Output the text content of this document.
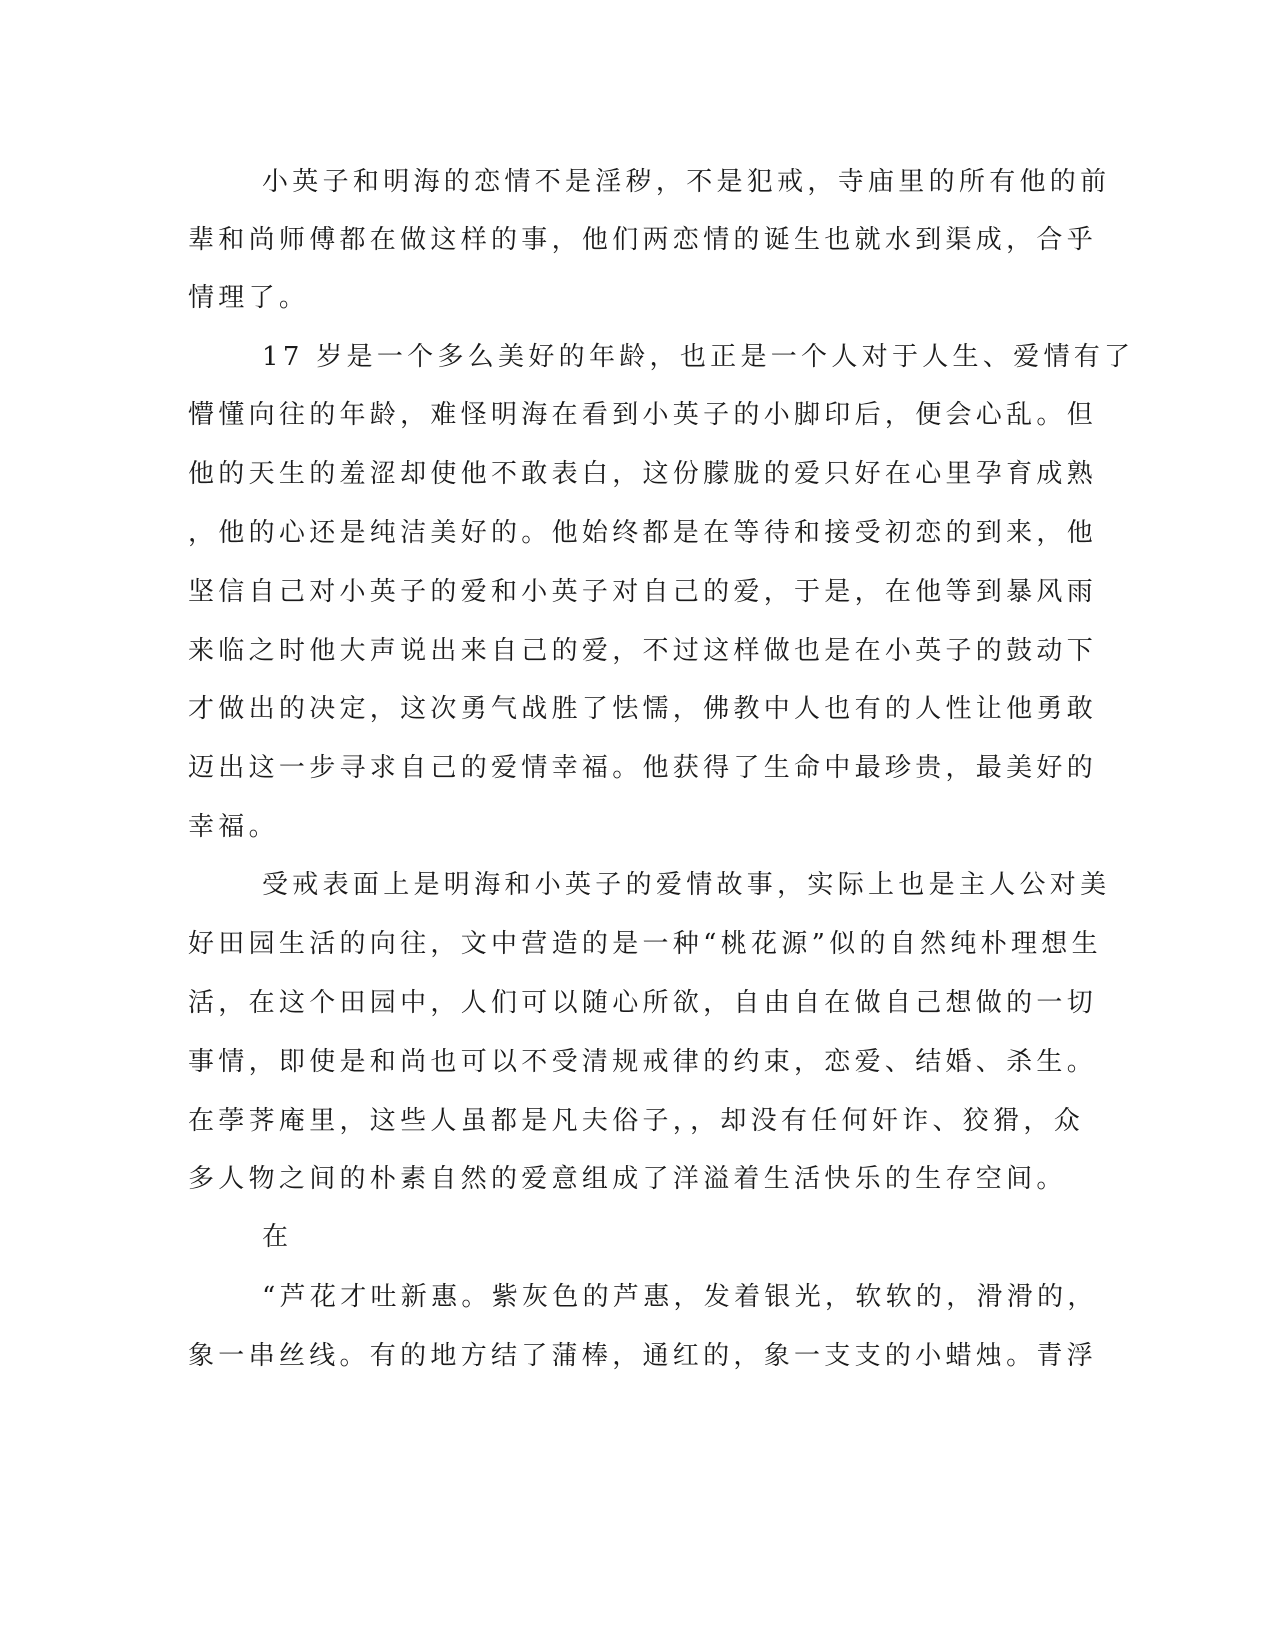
小英子和明海的恋情不是淫秽，不是犯戒，寺庙里的所有他的前
辈和尚师傅都在做这样的事，他们两恋情的诞生也就水到渠成，合乎
情理了。
17 岁是一个多么美好的年龄，也正是一个人对于人生、爱情有了
懵懂向往的年龄，难怪明海在看到小英子的小脚印后，便会心乱。但
他的天生的羞涩却使他不敢表白，这份朦胧的爱只好在心里孕育成熟
，他的心还是纯洁美好的。他始终都是在等待和接受初恋的到来，他
坚信自己对小英子的爱和小英子对自己的爱，于是，在他等到暴风雨
来临之时他大声说出来自己的爱，不过这样做也是在小英子的鼓动下
才做出的决定，这次勇气战胜了怯懦，佛教中人也有的人性让他勇敢
迈出这一步寻求自己的爱情幸福。他获得了生命中最珍贵，最美好的
幸福。
受戒表面上是明海和小英子的爱情故事，实际上也是主人公对美
好田园生活的向往，文中营造的是一种“桃花源”似的自然纯朴理想生
活，在这个田园中，人们可以随心所欲，自由自在做自己想做的一切
事情，即使是和尚也可以不受清规戒律的约束，恋爱、结婚、杀生。
在荸荠庵里，这些人虽都是凡夫俗子，，却没有任何奸诈、狡猾，众
多人物之间的朴素自然的爱意组成了洋溢着生活快乐的生存空间。
在
“芦花才吐新惠。紫灰色的芦惠，发着银光，软软的，滑滑的，
象一串丝线。有的地方结了蒲棒，通红的，象一支支的小蜡烛。青浮
